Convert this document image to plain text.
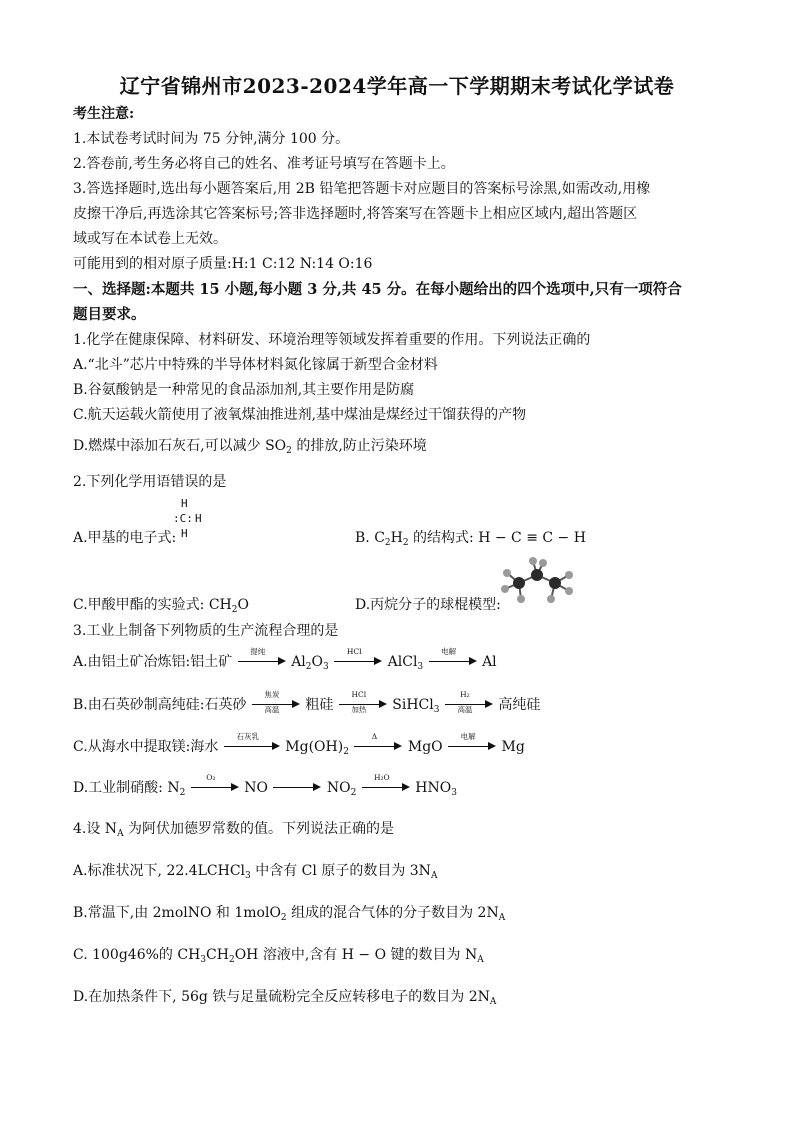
辽宁省锦州市2023-2024学年高一下学期期末考试化学试卷
考生注意:
1.本试卷考试时间为 75 分钟,满分 100 分。
2.答卷前,考生务必将自己的姓名、准考证号填写在答题卡上。
3.答选择题时,选出每小题答案后,用 2B 铅笔把答题卡对应题目的答案标号涂黑,如需改动,用橡
皮擦干净后,再选涂其它答案标号;答非选择题时,将答案写在答题卡上相应区域内,超出答题区
域或写在本试卷上无效。
可能用到的相对原子质量:H:1 C:12 N:14 O:16
一、选择题:本题共 15 小题,每小题 3 分,共 45 分。在每小题给出的四个选项中,只有一项符合
题目要求。
1.化学在健康保障、材料研发、环境治理等领域发挥着重要的作用。下列说法正确的
A.“北斗”芯片中特殊的半导体材料氮化镓属于新型合金材料
B.谷氨酸钠是一种常见的食品添加剂,其主要作用是防腐
C.航天运载火箭使用了液氧煤油推进剂,基中煤油是煤经过干馏获得的产物
D.燃煤中添加石灰石,可以减少 $SO_2$ 的排放,防止污染环境
2.下列化学用语错误的是
H
:C: H
H
A.甲基的电子式:	B. $C_2H_2$ 的结构式: H − C ≡ C − H
C.甲酸甲酯的实验式: $CH_2O$	D.丙烷分子的球棍模型:
3.工业上制备下列物质的生产流程合理的是
A.由铝土矿冶炼铝:铝土矿
提纯
$Al_2O_3$
HCl
AlCl$_3$
电解
Al
B.由石英砂制高纯硅:石英砂
焦炭
高温	粗硅
HCl
加热	SiHCl$_3$
H₂
高温	高纯硅
C.从海水中提取镁:海水
石灰乳
$Mg(OH)_2$
Δ
MgO
电解
Mg
D.工业制硝酸: $N_2$
O₂
NO	$NO_2$
H₂O
$HNO_3$
4.设 $N_A$ 为阿伏加德罗常数的值。下列说法正确的是
A.标准状况下, 22.4LCHCl$_3$ 中含有 Cl 原子的数目为 $3N_A$
B.常温下,由 2molNO 和 1molO$_2$ 组成的混合气体的分子数目为 $2N_A$
C. 100g46%的 $CH_3CH_2OH$ 溶液中,含有 H − O 键的数目为 $N_A$
D.在加热条件下, 56g 铁与足量硫粉完全反应转移电子的数目为 $2N_A$
